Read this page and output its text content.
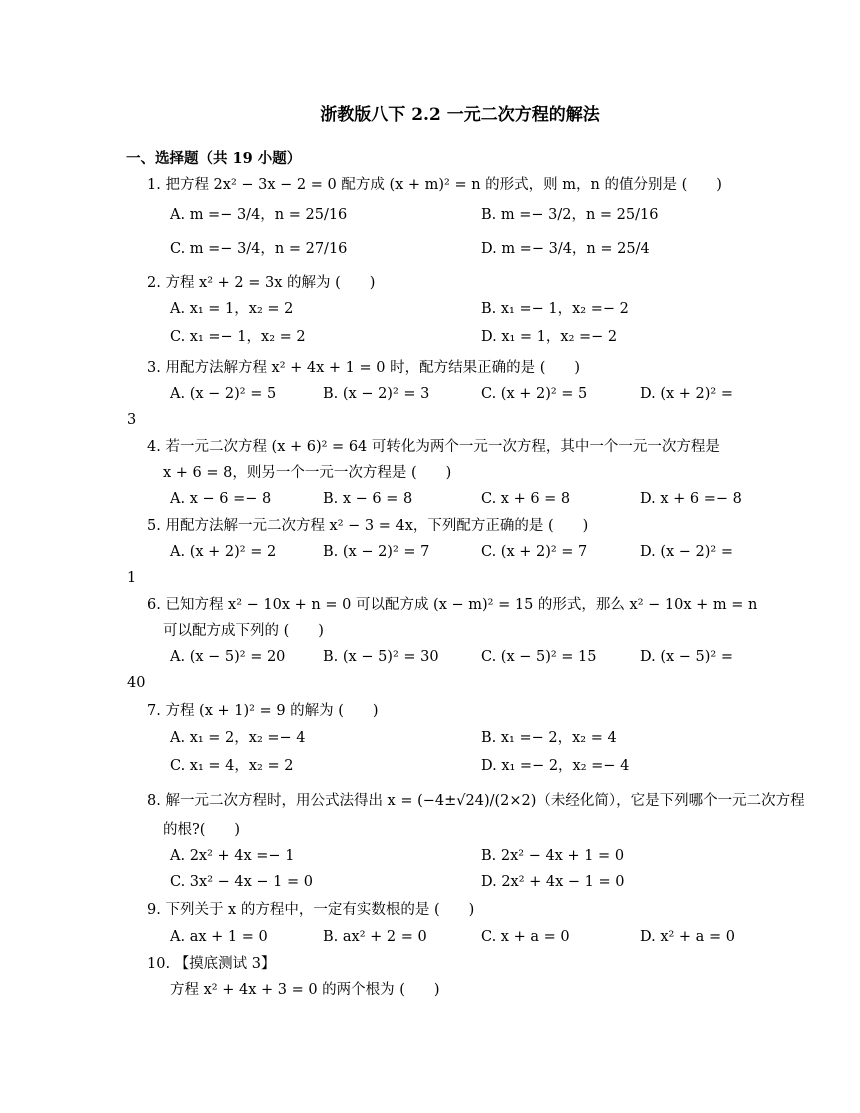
浙教版八下 2.2 一元二次方程的解法
一、选择题（共 19 小题）
1. 把方程 2x² − 3x − 2 = 0 配方成 (x + m)² = n 的形式，则 m，n 的值分别是 (　　)
A. m =− 3/4，n = 25/16	B. m =− 3/2，n = 25/16
C. m =− 3/4，n = 27/16	D. m =− 3/4，n = 25/4
2. 方程 x² + 2 = 3x 的解为 (　　)
A. x₁ = 1，x₂ = 2	B. x₁ =− 1，x₂ =− 2
C. x₁ =− 1，x₂ = 2	D. x₁ = 1，x₂ =− 2
3. 用配方法解方程 x² + 4x + 1 = 0 时，配方结果正确的是 (　　)
A. (x − 2)² = 5	B. (x − 2)² = 3	C. (x + 2)² = 5	D. (x + 2)² =
3
4. 若一元二次方程 (x + 6)² = 64 可转化为两个一元一次方程，其中一个一元一次方程是
x + 6 = 8，则另一个一元一次方程是 (　　)
A. x − 6 =− 8	B. x − 6 = 8	C. x + 6 = 8	D. x + 6 =− 8
5. 用配方法解一元二次方程 x² − 3 = 4x，下列配方正确的是 (　　)
A. (x + 2)² = 2	B. (x − 2)² = 7	C. (x + 2)² = 7	D. (x − 2)² =
1
6. 已知方程 x² − 10x + n = 0 可以配方成 (x − m)² = 15 的形式，那么 x² − 10x + m = n
可以配方成下列的 (　　)
A. (x − 5)² = 20	B. (x − 5)² = 30	C. (x − 5)² = 15	D. (x − 5)² =
40
7. 方程 (x + 1)² = 9 的解为 (　　)
A. x₁ = 2，x₂ =− 4	B. x₁ =− 2，x₂ = 4
C. x₁ = 4，x₂ = 2	D. x₁ =− 2，x₂ =− 4
8. 解一元二次方程时，用公式法得出 x = (−4±√24)/(2×2)（未经化简），它是下列哪个一元二次方程
的根?(　　)
A. 2x² + 4x =− 1	B. 2x² − 4x + 1 = 0
C. 3x² − 4x − 1 = 0	D. 2x² + 4x − 1 = 0
9. 下列关于 x 的方程中，一定有实数根的是 (　　)
A. ax + 1 = 0	B. ax² + 2 = 0	C. x + a = 0	D. x² + a = 0
10. 【摸底测试 3】
方程 x² + 4x + 3 = 0 的两个根为 (　　)
